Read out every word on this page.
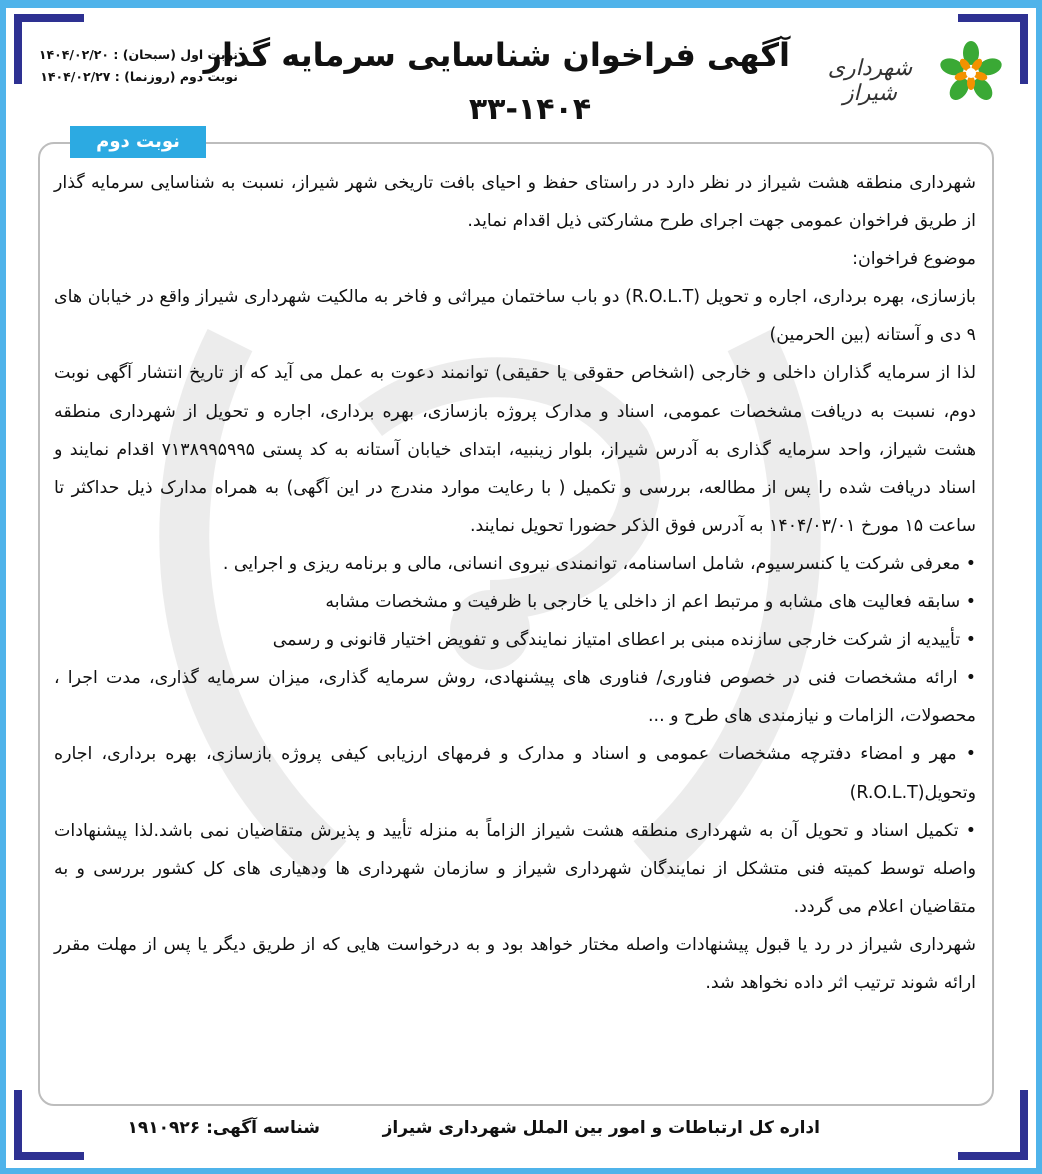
شهرداری شیراز
آگهی فراخوان شناسایی سرمایه گذار
۳۳-۱۴۰۴
نوبت اول (سبحان) : ۱۴۰۴/۰۲/۲۰
نوبت دوم (روزنما) : ۱۴۰۴/۰۲/۲۷
نوبت دوم

شهرداری منطقه هشت شیراز در نظر دارد در راستای حفظ و احیای بافت تاریخی شهر شیراز، نسبت به شناسایی سرمایه گذار از طریق فراخوان عمومی جهت اجرای طرح مشارکتی ذیل اقدام نماید.

موضوع فراخوان:

بازسازی، بهره برداری، اجاره و تحویل (R.O.L.T) دو باب ساختمان میراثی و فاخر به مالکیت شهرداری شیراز واقع در خیابان های ۹ دی و آستانه (بین الحرمین)

لذا از سرمایه گذاران داخلی و خارجی (اشخاص حقوقی یا حقیقی) توانمند دعوت به عمل می آید که از تاریخ انتشار آگهی نوبت دوم، نسبت به دریافت مشخصات عمومی، اسناد و مدارک پروژه بازسازی، بهره برداری، اجاره و تحویل از شهرداری منطقه هشت شیراز، واحد سرمایه گذاری به آدرس شیراز، بلوار زینبیه، ابتدای خیابان آستانه به کد پستی ۷۱۳۸۹۹۵۹۹۵ اقدام نمایند و اسناد دریافت شده را پس از مطالعه، بررسی و تکمیل ( با رعایت موارد مندرج در این آگهی) به همراه مدارک ذیل حداکثر تا ساعت ۱۵ مورخ ۱۴۰۴/۰۳/۰۱ به آدرس فوق الذکر حضورا تحویل نمایند.

• معرفی شرکت یا کنسرسیوم، شامل اساسنامه، توانمندی نیروی انسانی، مالی و برنامه ریزی و اجرایی .

• سابقه فعالیت های مشابه و مرتبط اعم از داخلی یا خارجی با ظرفیت و مشخصات مشابه

• تأییدیه از شرکت خارجی سازنده مبنی بر اعطای امتیاز نمایندگی و تفویض اختیار قانونی و رسمی

• ارائه مشخصات فنی در خصوص فناوری/ فناوری های پیشنهادی، روش سرمایه گذاری، میزان سرمایه گذاری، مدت اجرا ، محصولات، الزامات و نیازمندی های طرح و ...

• مهر و امضاء دفترچه مشخصات عمومی و اسناد و مدارک و فرمهای ارزیابی کیفی پروژه بازسازی، بهره برداری، اجاره وتحویل(R.O.L.T)

• تکمیل اسناد و تحویل آن به شهرداری منطقه هشت شیراز الزاماً به منزله تأیید و پذیرش متقاضیان نمی باشد.لذا پیشنهادات واصله توسط کمیته فنی متشکل از نمایندگان شهرداری شیراز و سازمان شهرداری ها ودهیاری های کل کشور بررسی و به متقاضیان اعلام می گردد.

شهرداری شیراز در رد یا قبول پیشنهادات واصله مختار خواهد بود و به درخواست هایی که از طریق دیگر یا پس از مهلت مقرر ارائه شوند ترتیب اثر داده نخواهد شد.

اداره کل ارتباطات و امور بین الملل شهرداری شیراز
شناسه آگهی: ۱۹۱۰۹۲۶
